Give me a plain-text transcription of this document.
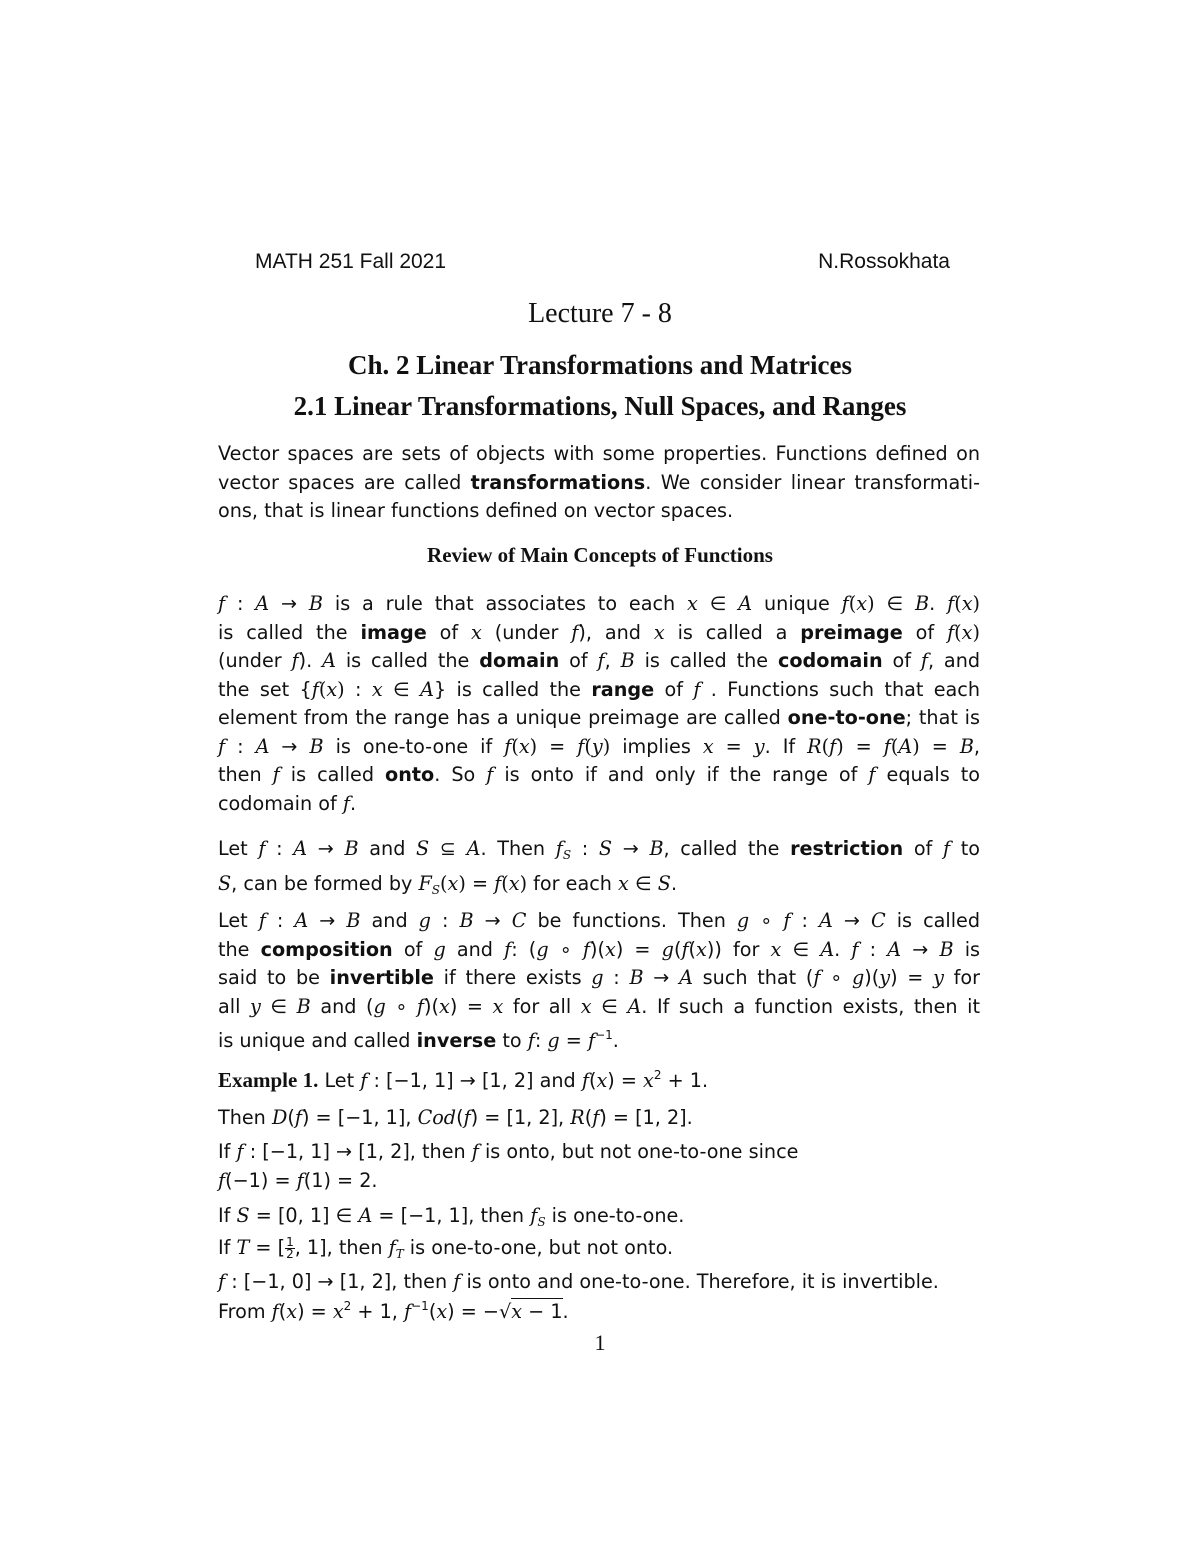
MATH 251 Fall 2021	N.Rossokhata
Lecture 7 - 8
Ch. 2 Linear Transformations and Matrices
2.1 Linear Transformations, Null Spaces, and Ranges
Vector spaces are sets of objects with some properties. Functions defined on
vector spaces are called transformations. We consider linear transformati-
ons, that is linear functions defined on vector spaces.
Review of Main Concepts of Functions
f : A → B is a rule that associates to each x ∈ A unique f(x) ∈ B. f(x)
is called the image of x (under f), and x is called a preimage of f(x)
(under f). A is called the domain of f, B is called the codomain of f, and
the set {f(x) : x ∈ A} is called the range of f . Functions such that each
element from the range has a unique preimage are called one-to-one; that is
f : A → B is one-to-one if f(x) = f(y) implies x = y. If R(f) = f(A) = B,
then f is called onto. So f is onto if and only if the range of f equals to
codomain of f.
Let f : A → B and S ⊆ A. Then $f_S$ : S → B, called the restriction of f to
S, can be formed by $F_S(x) = f(x)$ for each x ∈ S.
Let f : A → B and g : B → C be functions. Then g ∘ f : A → C is called
the composition of g and f: (g ∘ f)(x) = g(f(x)) for x ∈ A. f : A → B is
said to be invertible if there exists g : B → A such that (f ∘ g)(y) = y for
all y ∈ B and (g ∘ f)(x) = x for all x ∈ A. If such a function exists, then it
is unique and called inverse to f: $g = f^{-1}$.
Example 1. Let f : [−1, 1] → [1, 2] and $f(x) = x^2 + 1$.
Then D(f) = [−1, 1], Cod(f) = [1, 2], R(f) = [1, 2].
If f : [−1, 1] → [1, 2], then f is onto, but not one-to-one since
f(−1) = f(1) = 2.
If S = [0, 1] ∈ A = [−1, 1], then $f_S$ is one-to-one.
If T = [ $\frac{1}{2}$ , 1], then $f_T$ is one-to-one, but not onto.
f : [−1, 0] → [1, 2], then f is onto and one-to-one. Therefore, it is invertible.
From $f(x) = x^2 + 1$, $f^{-1}(x) = -√x - 1$.
1
